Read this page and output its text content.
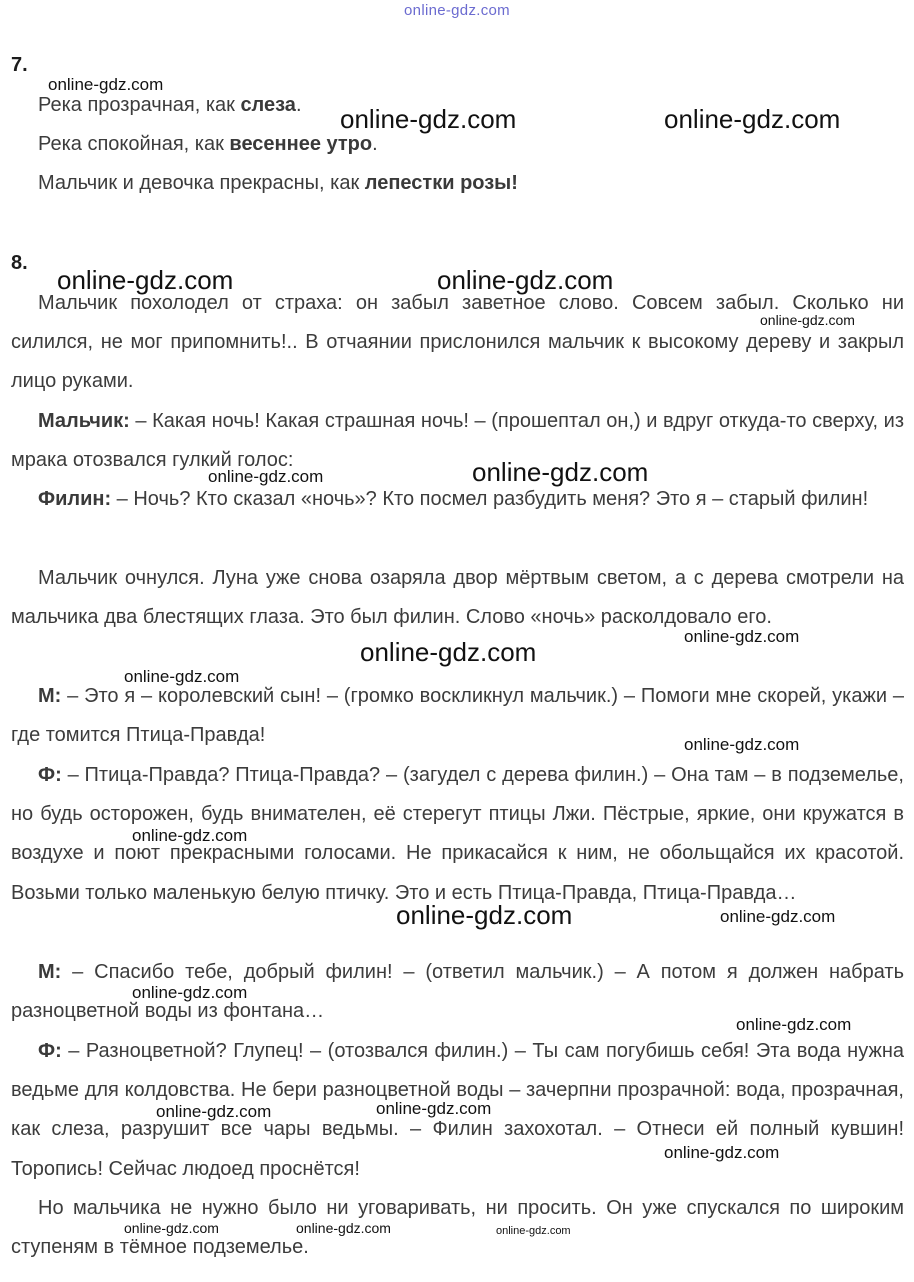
online-gdz.com
7.
Река прозрачная, как слеза.
Река спокойная, как весеннее утро.
Мальчик и девочка прекрасны, как лепестки розы!
8.

Мальчик похолодел от страха: он забыл заветное слово. Совсем забыл. Сколько ни силился, не мог припомнить!.. В отчаянии прислонился мальчик к высокому дереву и закрыл лицо руками.

Мальчик: – Какая ночь! Какая страшная ночь! – (прошептал он,) и вдруг откуда-то сверху, из мрака отозвался гулкий голос:

Филин: – Ночь? Кто сказал «ночь»? Кто посмел разбудить меня? Это я – старый филин!

Мальчик очнулся. Луна уже снова озаряла двор мёртвым светом, а с дерева смотрели на мальчика два блестящих глаза. Это был филин. Слово «ночь» расколдовало его.

М: – Это я – королевский сын! – (громко воскликнул мальчик.) – Помоги мне скорей, укажи – где томится Птица-Правда!

Ф: – Птица-Правда? Птица-Правда? – (загудел с дерева филин.) – Она там – в подземелье, но будь осторожен, будь внимателен, её стерегут птицы Лжи. Пёстрые, яркие, они кружатся в воздухе и поют прекрасными голосами. Не прикасайся к ним, не обольщайся их красотой. Возьми только маленькую белую птичку. Это и есть Птица-Правда, Птица-Правда…

М: – Спасибо тебе, добрый филин! – (ответил мальчик.) – А потом я должен набрать разноцветной воды из фонтана…

Ф: – Разноцветной? Глупец! – (отозвался филин.) – Ты сам погубишь себя! Эта вода нужна ведьме для колдовства. Не бери разноцветной воды – зачерпни прозрачной: вода, прозрачная, как слеза, разрушит все чары ведьмы. – Филин захохотал. – Отнеси ей полный кувшин! Торопись! Сейчас людоед проснётся!

Но мальчика не нужно было ни уговаривать, ни просить. Он уже спускался по широким ступеням в тёмное подземелье.

online-gdz.com
online-gdz.com	online-gdz.com
online-gdz.com	online-gdz.com
online-gdz.com
online-gdz.com
online-gdz.com
online-gdz.com
online-gdz.com
online-gdz.com
online-gdz.com
online-gdz.com
online-gdz.com	online-gdz.com
online-gdz.com
online-gdz.com
online-gdz.com
online-gdz.com
online-gdz.com
online-gdz.com	online-gdz.com	online-gdz.com
